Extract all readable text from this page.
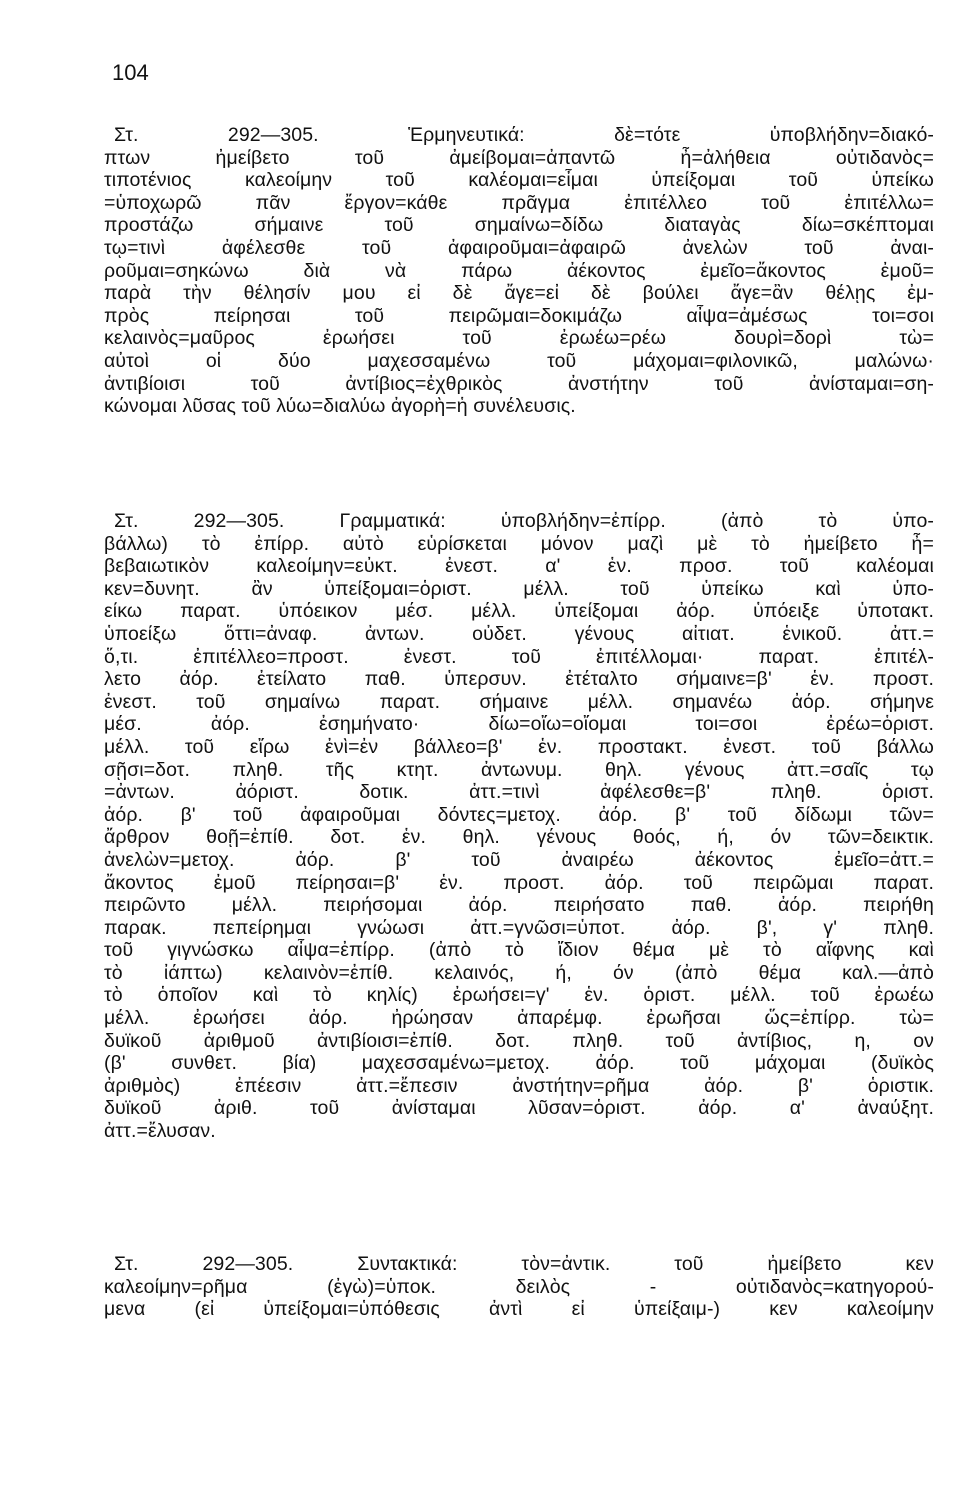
104
Στ. 292—305. Ἑρμηνευτικά: δὲ=τότε ὑποβλήδην=διακό-
πτων ἠμείβετο τοῦ ἀμείβομαι=ἀπαντῶ ἦ=ἀλήθεια οὐτιδανὸς=
τιποτένιος καλεοίμην τοῦ καλέομαι=εἶμαι ὑπείξομαι τοῦ ὑπείκω
=ὑποχωρῶ πᾶν ἔργον=κάθε πρᾶγμα ἐπιτέλλεο τοῦ ἐπιτέλλω=
προστάζω σήμαινε τοῦ σημαίνω=δίδω διαταγὰς δίω=σκέπτομαι
τῳ=τινὶ ἀφέλεσθε τοῦ ἀφαιροῦμαι=ἀφαιρῶ ἀνελὼν τοῦ ἀναι-
ροῦμαι=σηκώνω διὰ νὰ πάρω ἀέκοντος ἐμεῖο=ἄκοντος ἐμοῦ=
παρὰ τὴν θέλησίν μου εἰ δὲ ἄγε=εἰ δὲ βούλει ἄγε=ἂν θέλῃς ἐμ-
πρὸς πείρησαι τοῦ πειρῶμαι=δοκιμάζω αἶψα=ἀμέσως τοι=σοι
κελαινὸς=μαῦρος ἐρωήσει τοῦ ἐρωέω=ρέω δουρὶ=δορὶ τὼ=
αὐτοὶ οἱ δύο μαχεσσαμένω τοῦ μάχομαι=φιλονικῶ, μαλώνω·
ἀντιβίοισι τοῦ ἀντίβιος=ἐχθρικὸς ἀνστήτην τοῦ ἀνίσταμαι=ση-
κώνομαι λῦσας τοῦ λύω=διαλύω ἀγορὴ=ἡ συνέλευσις.
Στ. 292—305. Γραμματικά: ὑποβλήδην=ἐπίρρ. (ἀπὸ τὸ ὑπο-
βάλλω) τὸ ἐπίρρ. αὐτὸ εὑρίσκεται μόνον μαζὶ μὲ τὸ ἠμείβετο ἦ=
βεβαιωτικὸν καλεοίμην=εὐκτ. ἐνεστ. α' ἑν. προσ. τοῦ καλέομαι
κεν=δυνητ. ἂν ὑπείξομαι=ὁριστ. μέλλ. τοῦ ὑπείκω καὶ ὑπο-
είκω παρατ. ὑπόεικον μέσ. μέλλ. ὑπείξομαι ἀόρ. ὑπόειξε ὑποτακτ.
ὑποείξω ὅττι=ἀναφ. ἀντων. οὐδετ. γένους αἰτιατ. ἑνικοῦ. ἀττ.=
ὅ,τι. ἐπιτέλλεο=προστ. ἐνεστ. τοῦ ἐπιτέλλομαι· παρατ. ἐπιτέλ-
λετο ἀόρ. ἐτείλατο παθ. ὑπερσυν. ἐτέταλτο σήμαινε=β' ἑν. προστ.
ἐνεστ. τοῦ σημαίνω παρατ. σήμαινε μέλλ. σημανέω ἀόρ. σήμηνε
μέσ. ἀόρ. ἐσημήνατο· δίω=οἴω=οἴομαι τοι=σοι ἐρέω=ὁριστ.
μέλλ. τοῦ εἴρω ἐνὶ=ἐν βάλλεο=β' ἑν. προστακτ. ἐνεστ. τοῦ βάλλω
σῇσι=δοτ. πληθ. τῆς κτητ. ἀντωνυμ. θηλ. γένους ἀττ.=σαῖς τῳ
=ἀντων. ἀόριστ. δοτικ. ἀττ.=τινὶ ἀφέλεσθε=β' πληθ. ὁριστ.
ἀόρ. β' τοῦ ἀφαιροῦμαι δόντες=μετοχ. ἀόρ. β' τοῦ δίδωμι τῶν=
ἄρθρον θοῇ=ἐπίθ. δοτ. ἑν. θηλ. γένους θοός, ή, όν τῶν=δεικτικ.
ἀνελὼν=μετοχ. ἀόρ. β' τοῦ ἀναιρέω ἀέκοντος ἐμεῖο=ἀττ.=
ἄκοντος ἐμοῦ πείρησαι=β' ἑν. προστ. ἀόρ. τοῦ πειρῶμαι παρατ.
πειρῶντο μέλλ. πειρήσομαι ἀόρ. πειρήσατο παθ. ἀόρ. πειρήθη
παρακ. πεπείρημαι γνώωσι ἀττ.=γνῶσι=ὑποτ. ἀόρ. β', γ' πληθ.
τοῦ γιγνώσκω αἶψα=ἐπίρρ. (ἀπὸ τὸ ἴδιον θέμα μὲ τὸ αἴφνης καὶ
τὸ ἰάπτω) κελαινὸν=ἐπίθ. κελαινός, ή, όν (ἀπὸ θέμα καλ.—ἀπὸ
τὸ ὁποῖον καὶ τὸ κηλίς) ἐρωήσει=γ' ἑν. ὁριστ. μέλλ. τοῦ ἐρωέω
μέλλ. ἐρωήσει ἀόρ. ἠρώησαν ἀπαρέμφ. ἐρωῆσαι ὥς=ἐπίρρ. τὼ=
δυϊκοῦ ἀριθμοῦ ἀντιβίοισι=ἐπίθ. δοτ. πληθ. τοῦ ἀντίβιος, η, ον
(β' συνθετ. βία) μαχεσσαμένω=μετοχ. ἀόρ. τοῦ μάχομαι (δυϊκὸς
ἀριθμὸς) ἐπέεσιν ἀττ.=ἔπεσιν ἀνστήτην=ρῆμα ἀόρ. β' ὁριστικ.
δυϊκοῦ ἀριθ. τοῦ ἀνίσταμαι λῦσαν=ὁριστ. ἀόρ. α' ἀναύξητ.
ἀττ.=ἔλυσαν.
Στ. 292—305. Συντακτικά: τὸν=ἀντικ. τοῦ ἠμείβετο κεν
καλεοίμην=ρῆμα (ἐγὼ)=ὑποκ. δειλὸς - οὐτιδανὸς=κατηγορού-
μενα (εἰ ὑπείξομαι=ὑπόθεσις ἀντὶ εἰ ὑπείξαιμ-) κεν καλεοίμην
